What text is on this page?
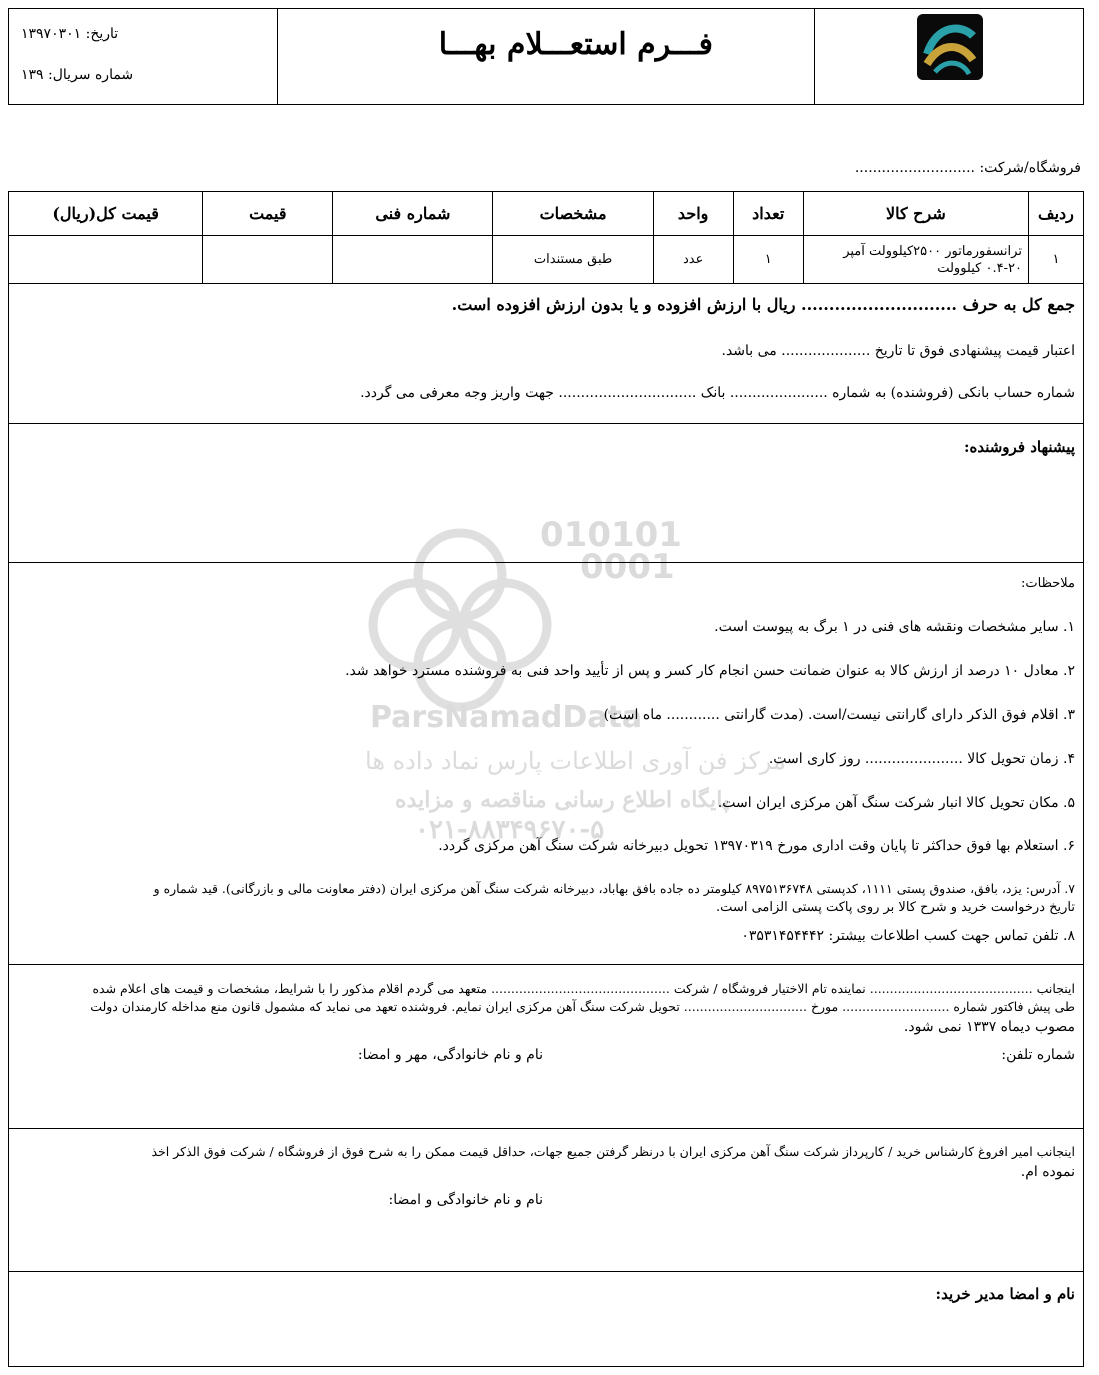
010101
0001
ParsNamadData
مرکز فن آوری اطلاعات پارس نماد داده ها
پایگاه اطلاع رسانی مناقصه و مزایده
۰۲۱-۸۸۳۴۹۶۷۰-۵
فـــرم استعـــلام بهـــا
تاریخ: ۱۳۹۷۰۳۰۱
شماره سریال: ۱۳۹
فروشگاه/شرکت: ...........................
ردیف	شرح کالا	تعداد	واحد	مشخصات	شماره فنی	قیمت	قیمت کل(ریال)
۱	ترانسفورماتور ۲۵۰۰کیلوولت آمپر ۲۰-۰.۴ کیلوولت	۱	عدد	طبق مستندات			
جمع کل به حرف ............................ ریال با ارزش افزوده و یا بدون ارزش افزوده است.
اعتبار قیمت پیشنهادی فوق تا تاریخ .................... می باشد.
شماره حساب بانکی (فروشنده) به شماره ...................... بانک ............................... جهت واریز وجه معرفی می گردد.
پیشنهاد فروشنده:
ملاحظات:
۱. سایر مشخصات ونقشه های فنی در ۱ برگ به پیوست است.
۲. معادل ۱۰ درصد از ارزش کالا به عنوان ضمانت حسن انجام کار کسر و پس از تأیید واحد فنی به فروشنده مسترد خواهد شد.
۳. اقلام فوق الذکر دارای گارانتی نیست/است. (مدت گارانتی ............ ماه است)
۴. زمان تحویل کالا ...................... روز کاری است.
۵. مکان تحویل کالا انبار شرکت سنگ آهن مرکزی ایران است.
۶. استعلام بها فوق حداکثر تا پایان وقت اداری مورخ ۱۳۹۷۰۳۱۹ تحویل دبیرخانه شرکت سنگ آهن مرکزی گردد.
۷. آدرس: یزد، بافق، صندوق پستی ۱۱۱۱، کدپستی ۸۹۷۵۱۳۶۷۴۸ کیلومتر ده جاده بافق بهاباد، دبیرخانه شرکت سنگ آهن مرکزی ایران (دفتر معاونت مالی و بازرگانی). قید شماره و
تاریخ درخواست خرید و شرح کالا بر روی پاکت پستی الزامی است.
۸. تلفن تماس جهت کسب اطلاعات بیشتر: ۰۳۵۳۱۴۵۴۴۴۲
اینجانب ......................................... نماینده تام الاختیار فروشگاه / شرکت ............................................. متعهد می گردم اقلام مذکور را با شرایط، مشخصات و قیمت های اعلام شده
طی پیش فاکتور شماره ........................... مورخ ............................... تحویل شرکت سنگ آهن مرکزی ایران نمایم. فروشنده تعهد می نماید که مشمول قانون منع مداخله کارمندان دولت
مصوب دیماه ۱۳۳۷ نمی شود.
شماره تلفن:
نام و نام خانوادگی، مهر و امضا:
اینجانب امیر افروغ کارشناس خرید / کارپرداز شرکت سنگ آهن مرکزی ایران با درنظر گرفتن جمیع جهات، حداقل قیمت ممکن را به شرح فوق از فروشگاه / شرکت فوق الذکر اخذ
نموده ام.
نام و نام خانوادگی و امضا:
نام و امضا مدیر خرید:
